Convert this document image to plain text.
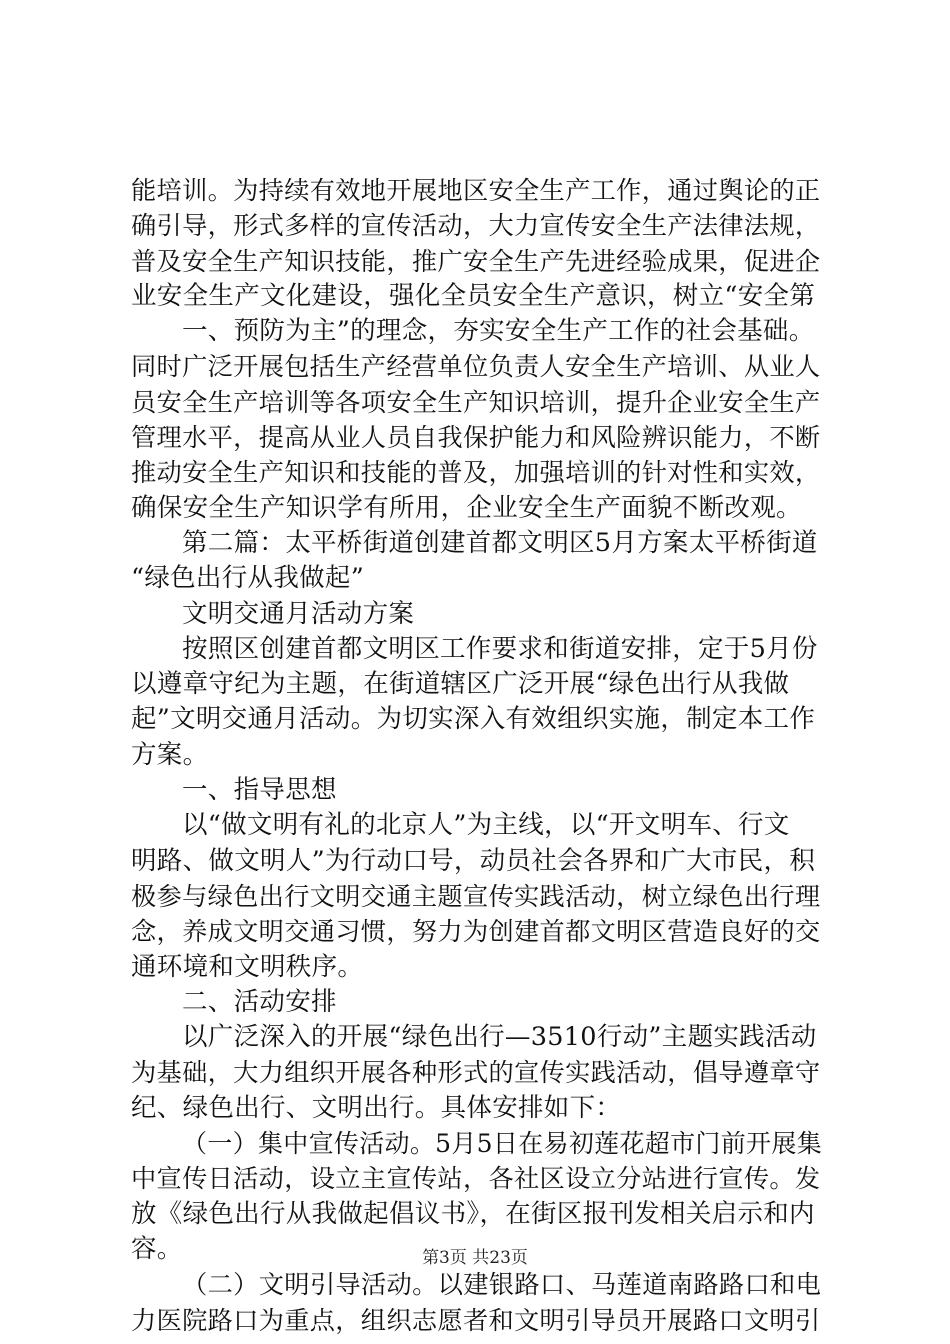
能培训。为持续有效地开展地区安全生产工作，通过舆论的正
确引导，形式多样的宣传活动，大力宣传安全生产法律法规，
普及安全生产知识技能，推广安全生产先进经验成果，促进企
业安全生产文化建设，强化全员安全生产意识，树立“安全第
一、预防为主”的理念，夯实安全生产工作的社会基础。
同时广泛开展包括生产经营单位负责人安全生产培训、从业人
员安全生产培训等各项安全生产知识培训，提升企业安全生产
管理水平，提高从业人员自我保护能力和风险辨识能力，不断
推动安全生产知识和技能的普及，加强培训的针对性和实效，
确保安全生产知识学有所用，企业安全生产面貌不断改观。
第二篇：太平桥街道创建首都文明区5月方案太平桥街道
“绿色出行从我做起”
文明交通月活动方案
按照区创建首都文明区工作要求和街道安排，定于5月份
以遵章守纪为主题，在街道辖区广泛开展“绿色出行从我做
起”文明交通月活动。为切实深入有效组织实施，制定本工作
方案。
一、指导思想
以“做文明有礼的北京人”为主线，以“开文明车、行文
明路、做文明人”为行动口号，动员社会各界和广大市民，积
极参与绿色出行文明交通主题宣传实践活动，树立绿色出行理
念，养成文明交通习惯，努力为创建首都文明区营造良好的交
通环境和文明秩序。
二、活动安排
以广泛深入的开展“绿色出行—3510行动”主题实践活动
为基础，大力组织开展各种形式的宣传实践活动，倡导遵章守
纪、绿色出行、文明出行。具体安排如下：
（一）集中宣传活动。5月5日在易初莲花超市门前开展集
中宣传日活动，设立主宣传站，各社区设立分站进行宣传。发
放《绿色出行从我做起倡议书》，在街区报刊发相关启示和内
容。
（二）文明引导活动。以建银路口、马莲道南路路口和电
力医院路口为重点，组织志愿者和文明引导员开展路口文明引
第3页 共23页
